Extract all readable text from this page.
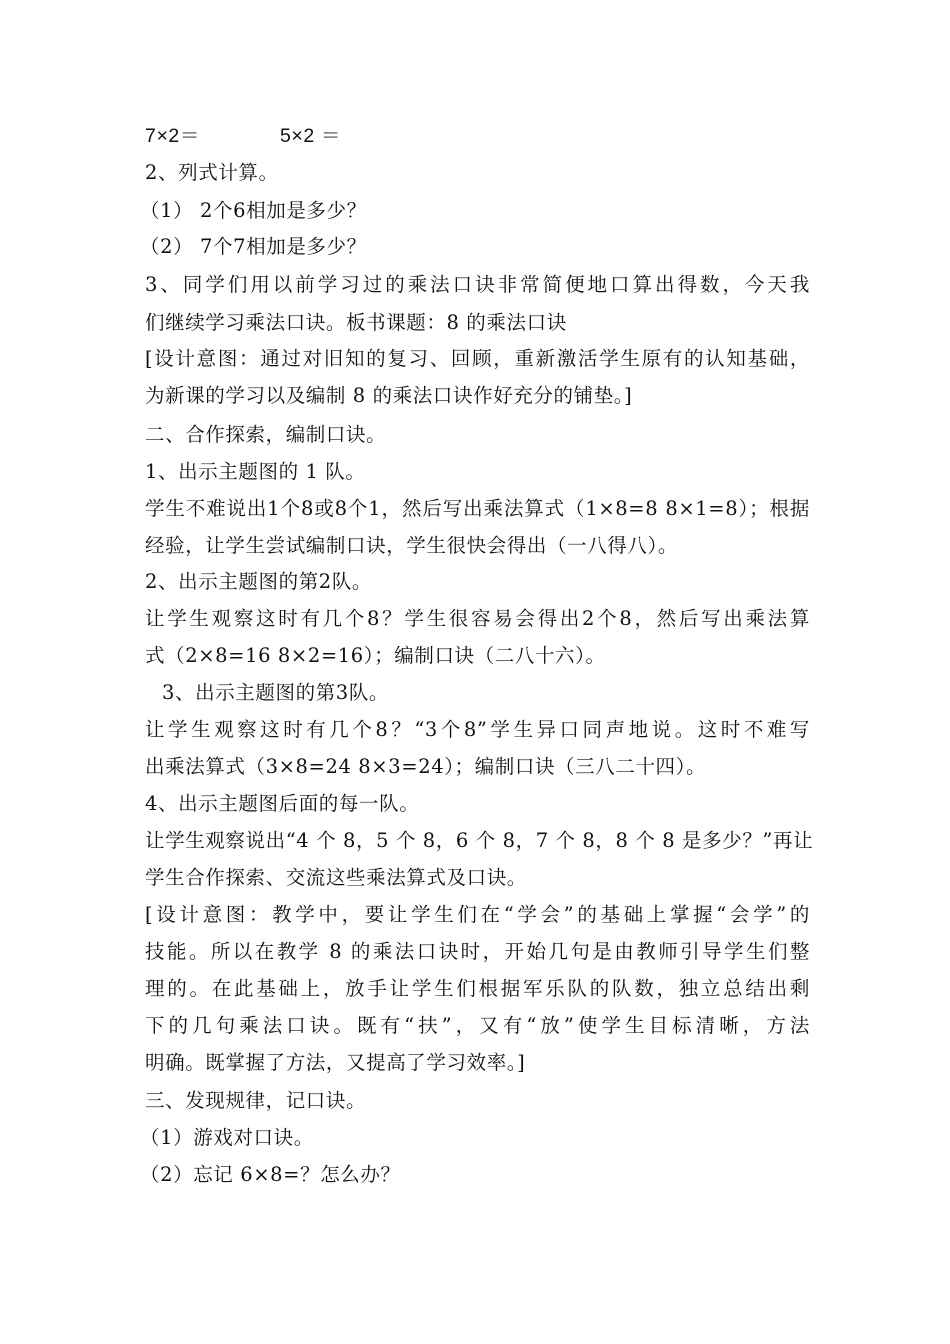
7×2＝	5×2 ＝
2、列式计算。
（1） 2个6相加是多少？
（2） 7个7相加是多少？
3、同学们用以前学习过的乘法口诀非常简便地口算出得数，今天我
们继续学习乘法口诀。板书课题：8 的乘法口诀
[设计意图：通过对旧知的复习、回顾，重新激活学生原有的认知基础，
为新课的学习以及编制 8 的乘法口诀作好充分的铺垫。]
二、合作探索，编制口诀。
1、出示主题图的 1 队。
学生不难说出1个8或8个1，然后写出乘法算式（1×8=8 8×1=8）；根据
经验，让学生尝试编制口诀，学生很快会得出（一八得八）。
2、出示主题图的第2队。
让学生观察这时有几个8？学生很容易会得出2个8，然后写出乘法算
式（2×8=16 8×2=16）；编制口诀（二八十六）。
3、出示主题图的第3队。
让学生观察这时有几个8？“3个8”学生异口同声地说。这时不难写
出乘法算式（3×8=24 8×3=24）；编制口诀（三八二十四）。
4、出示主题图后面的每一队。
让学生观察说出“4 个 8，5 个 8，6 个 8，7 个 8，8 个 8 是多少？”再让
学生合作探索、交流这些乘法算式及口诀。
[设计意图：教学中，要让学生们在“学会”的基础上掌握“会学”的
技能。所以在教学 8 的乘法口诀时，开始几句是由教师引导学生们整
理的。在此基础上，放手让学生们根据军乐队的队数，独立总结出剩
下的几句乘法口诀。既有“扶”，又有“放”使学生目标清晰，方法
明确。既掌握了方法，又提高了学习效率。]
三、发现规律，记口诀。
（1）游戏对口诀。
（2）忘记 6×8=？怎么办？
